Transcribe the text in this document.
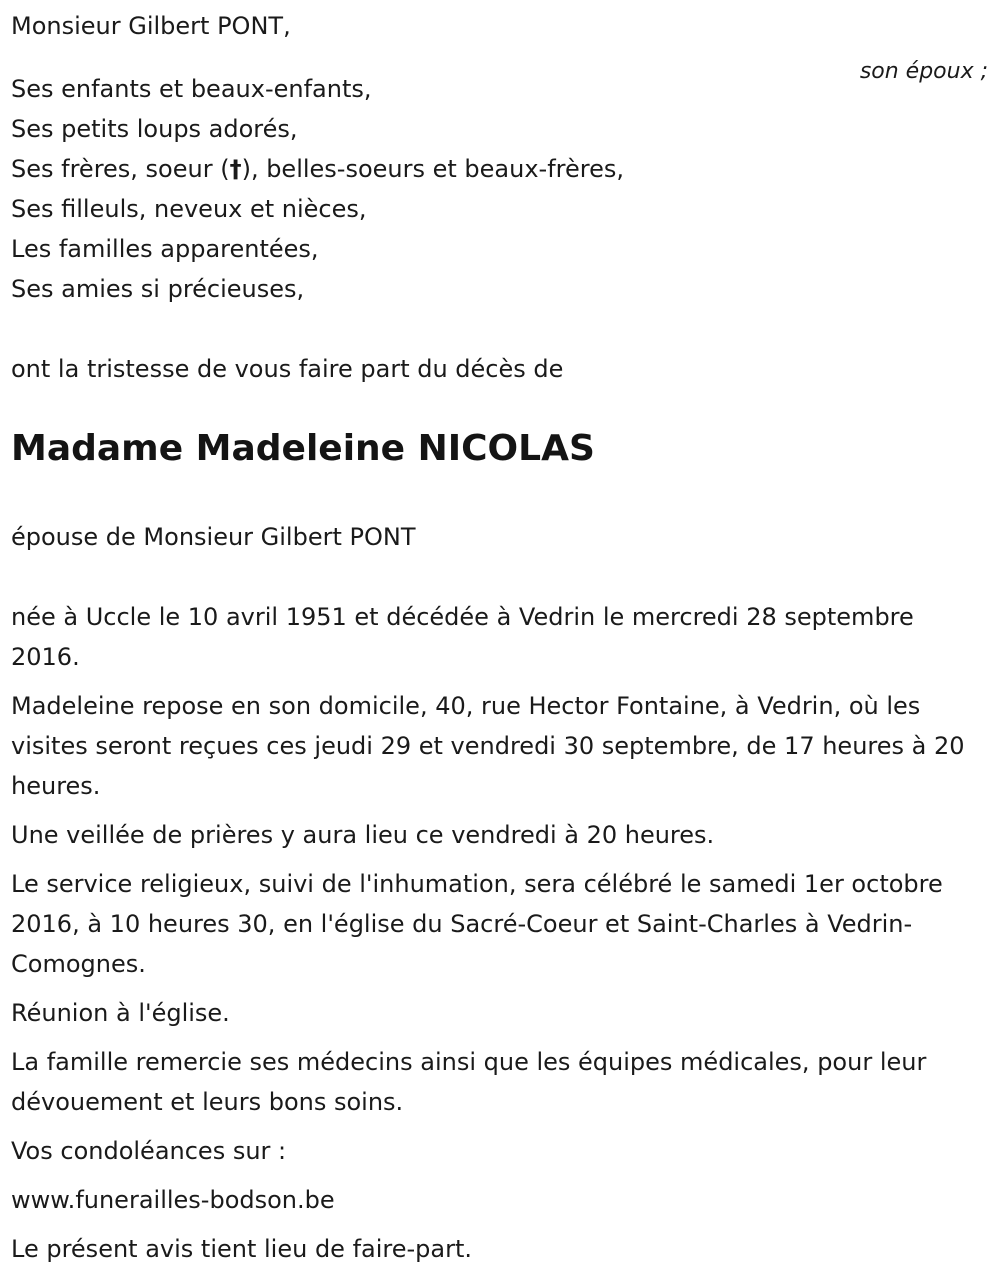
Monsieur Gilbert PONT,

son époux ;

Ses enfants et beaux-enfants,

Ses petits loups adorés,

Ses frères, soeur (†), belles-soeurs et beaux-frères,

Ses filleuls, neveux et nièces,

Les familles apparentées,

Ses amies si précieuses,

ont la tristesse de vous faire part du décès de

Madame Madeleine NICOLAS

épouse de Monsieur Gilbert PONT

née à Uccle le 10 avril 1951 et décédée à Vedrin le mercredi 28 septembre 2016.

Madeleine repose en son domicile, 40, rue Hector Fontaine, à Vedrin, où les visites seront reçues ces jeudi 29 et vendredi 30 septembre, de 17 heures à 20 heures.

Une veillée de prières y aura lieu ce vendredi à 20 heures.

Le service religieux, suivi de l'inhumation, sera célébré le samedi 1er octobre 2016, à 10 heures 30, en l'église du Sacré-Coeur et Saint-Charles à Vedrin-Comognes.

Réunion à l'église.

La famille remercie ses médecins ainsi que les équipes médicales, pour leur dévouement et leurs bons soins.

Vos condoléances sur :

www.funerailles-bodson.be

Le présent avis tient lieu de faire-part.
